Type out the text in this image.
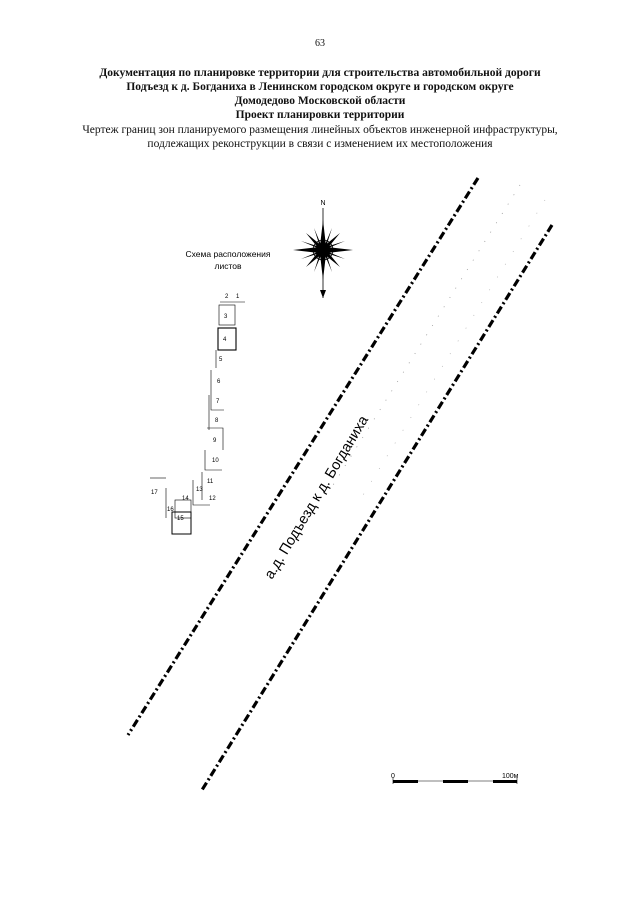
63
Документация по планировке территории для строительства автомобильной дороги
Подъезд к д. Богданиха в Ленинском городском округе и городском округе
Домодедово Московской области
Проект планировки территории
Чертеж границ зон планируемого размещения линейных объектов инженерной инфраструктуры,
подлежащих реконструкции в связи с изменением их местоположения
N
Схема расположения
листов
2 1
3
4
5
6
7
8
9
10
11
12
13
14
15
16
17	а.д. Подъезд к д. Богданиха
0	100м
